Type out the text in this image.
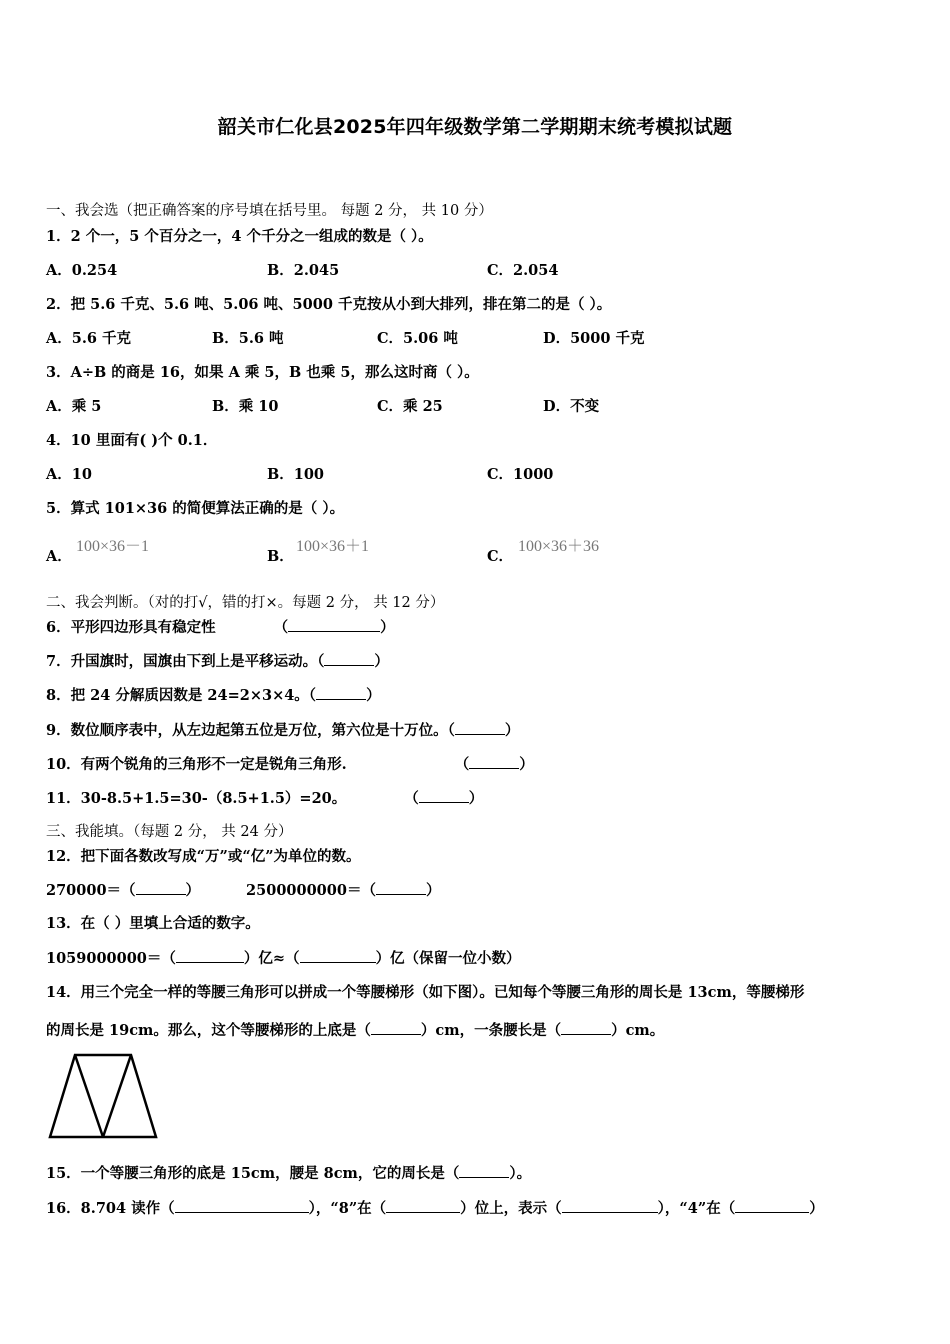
韶关市仁化县2025年四年级数学第二学期期末统考模拟试题
一、我会选（把正确答案的序号填在括号里。 每题 2 分， 共 10 分）
1．2 个一，5 个百分之一，4 个千分之一组成的数是（ ）。
A．0.254	B．2.045	C．2.054
2．把 5.6 千克、5.6 吨、5.06 吨、5000 千克按从小到大排列，排在第二的是（ ）。
A．5.6 千克	B．5.6 吨	C．5.06 吨	D．5000 千克
3．A÷B 的商是 16，如果 A 乘 5，B 也乘 5，那么这时商（ ）。
A．乘 5	B．乘 10	C．乘 25	D．不变
4．10 里面有( )个 0.1．
A．10	B．100	C．1000
5．算式 101×36 的简便算法正确的是（ ）。
A．
100×36－1
B．
100×36＋1
C．
100×36＋36
二、我会判断。（对的打√，错的打×。每题 2 分， 共 12 分）
6．平形四边形具有稳定性	（	）
7．升国旗时，国旗由下到上是平移运动。（	）
8．把 24 分解质因数是 24=2×3×4。（	）
9．数位顺序表中，从左边起第五位是万位，第六位是十万位。（	）
10．有两个锐角的三角形不一定是锐角三角形.	（	）
11．30-8.5+1.5=30-（8.5+1.5）=20。	（	）
三、我能填。（每题 2 分， 共 24 分）
12．把下面各数改写成“万”或“亿”为单位的数。
270000＝（	）	2500000000＝（	）
13．在（ ）里填上合适的数字。
1059000000＝（	）亿≈（	）亿（保留一位小数）
14．用三个完全一样的等腰三角形可以拼成一个等腰梯形（如下图）。已知每个等腰三角形的周长是 13cm，等腰梯形
的周长是 19cm。那么，这个等腰梯形的上底是（	）cm，一条腰长是（	）cm。
15．一个等腰三角形的底是 15cm，腰是 8cm，它的周长是（	）。
16．8.704 读作（	），“8”在（	）位上，表示（	），“4”在（	）
